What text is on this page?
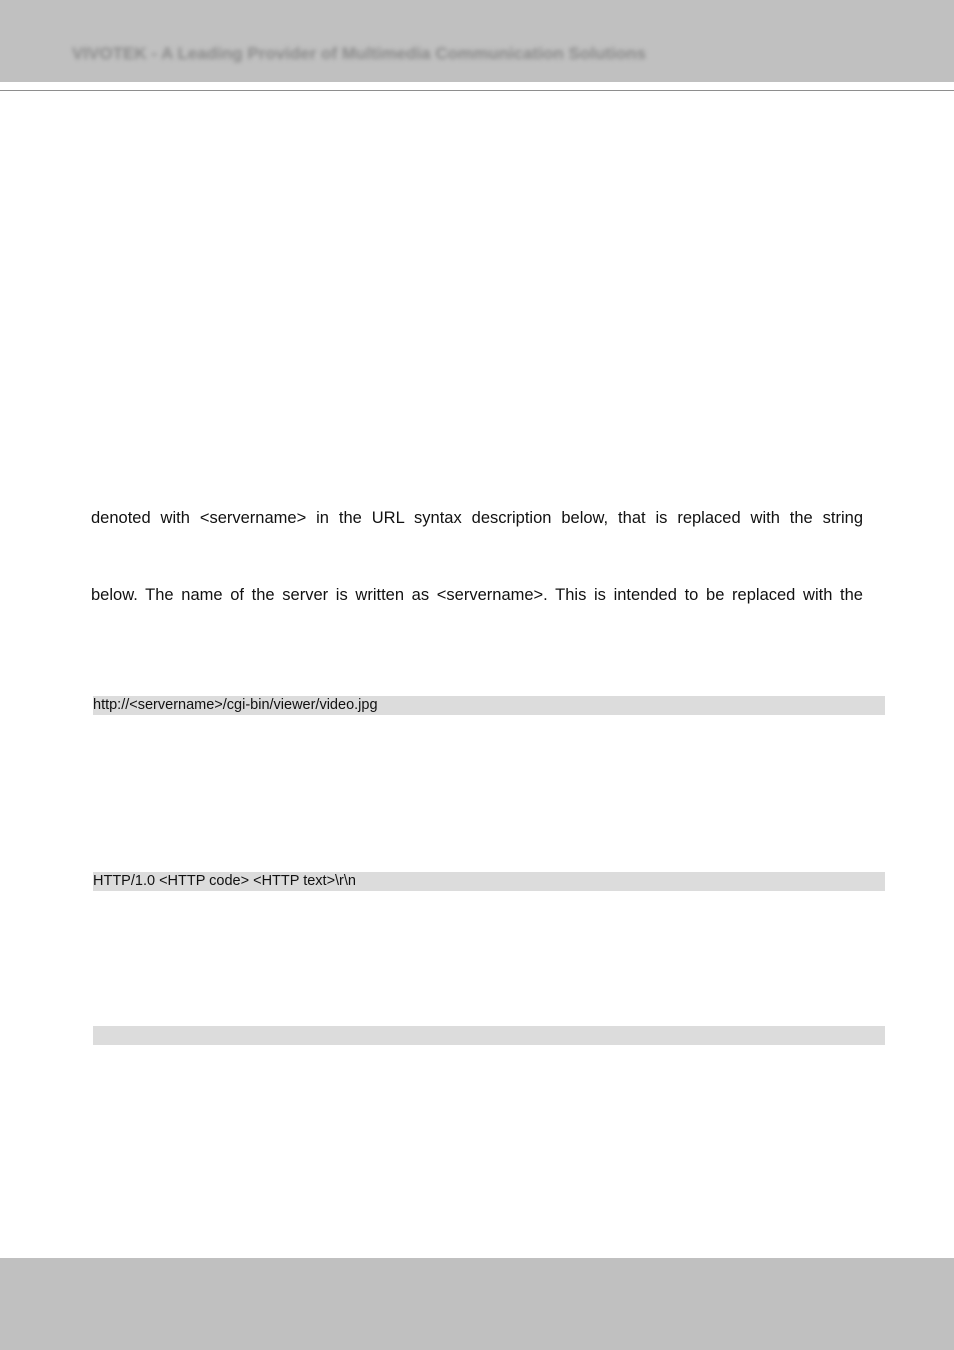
VIVOTEK - A Leading Provider of Multimedia Communication Solutions
denoted with <servername> in the URL syntax description below, that is replaced with the string
below. The name of the server is written as <servername>. This is intended to be replaced with the
http://<servername>/cgi-bin/viewer/video.jpg
HTTP/1.0 <HTTP code> <HTTP text>\r\n
